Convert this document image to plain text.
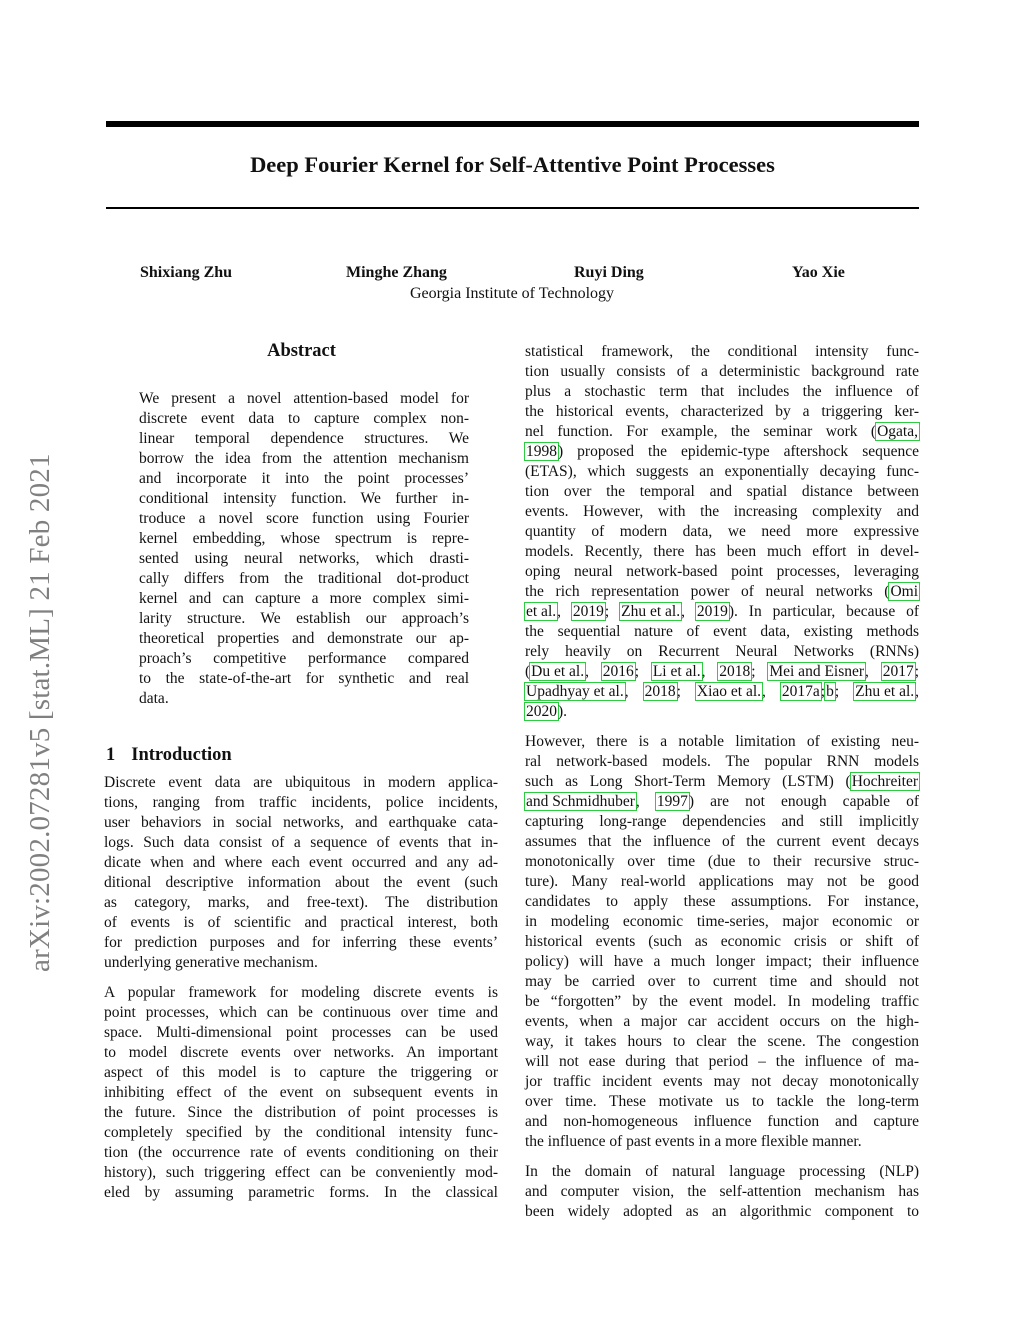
Deep Fourier Kernel for Self-Attentive Point Processes
Shixiang Zhu	Minghe Zhang	Ruyi Ding	Yao Xie
Georgia Institute of Technology
arXiv:2002.07281v5 [stat.ML] 21 Feb 2021
Abstract
We present a novel attention-based model for
discrete event data to capture complex non-
linear temporal dependence structures. We
borrow the idea from the attention mechanism
and incorporate it into the point processes’
conditional intensity function. We further in-
troduce a novel score function using Fourier
kernel embedding, whose spectrum is repre-
sented using neural networks, which drasti-
cally differs from the traditional dot-product
kernel and can capture a more complex simi-
larity structure. We establish our approach’s
theoretical properties and demonstrate our ap-
proach’s competitive performance compared
to the state-of-the-art for synthetic and real
data.
1 Introduction
Discrete event data are ubiquitous in modern applica-
tions, ranging from traffic incidents, police incidents,
user behaviors in social networks, and earthquake cata-
logs. Such data consist of a sequence of events that in-
dicate when and where each event occurred and any ad-
ditional descriptive information about the event (such
as category, marks, and free-text). The distribution
of events is of scientific and practical interest, both
for prediction purposes and for inferring these events’
underlying generative mechanism.
A popular framework for modeling discrete events is
point processes, which can be continuous over time and
space. Multi-dimensional point processes can be used
to model discrete events over networks. An important
aspect of this model is to capture the triggering or
inhibiting effect of the event on subsequent events in
the future. Since the distribution of point processes is
completely specified by the conditional intensity func-
tion (the occurrence rate of events conditioning on their
history), such triggering effect can be conveniently mod-
eled by assuming parametric forms. In the classical
statistical framework, the conditional intensity func-
tion usually consists of a deterministic background rate
plus a stochastic term that includes the influence of
the historical events, characterized by a triggering ker-
nel function. For example, the seminar work (Ogata,
1998) proposed the epidemic-type aftershock sequence
(ETAS), which suggests an exponentially decaying func-
tion over the temporal and spatial distance between
events. However, with the increasing complexity and
quantity of modern data, we need more expressive
models. Recently, there has been much effort in devel-
oping neural network-based point processes, leveraging
the rich representation power of neural networks (Omi
et al., 2019; Zhu et al., 2019). In particular, because of
the sequential nature of event data, existing methods
rely heavily on Recurrent Neural Networks (RNNs)
(Du et al., 2016; Li et al., 2018; Mei and Eisner, 2017;
Upadhyay et al., 2018; Xiao et al., 2017a;b; Zhu et al.,
2020).
However, there is a notable limitation of existing neu-
ral network-based models. The popular RNN models
such as Long Short-Term Memory (LSTM) (Hochreiter
and Schmidhuber, 1997) are not enough capable of
capturing long-range dependencies and still implicitly
assumes that the influence of the current event decays
monotonically over time (due to their recursive struc-
ture). Many real-world applications may not be good
candidates to apply these assumptions. For instance,
in modeling economic time-series, major economic or
historical events (such as economic crisis or shift of
policy) will have a much longer impact; their influence
may be carried over to current time and should not
be “forgotten” by the event model. In modeling traffic
events, when a major car accident occurs on the high-
way, it takes hours to clear the scene. The congestion
will not ease during that period – the influence of ma-
jor traffic incident events may not decay monotonically
over time. These motivate us to tackle the long-term
and non-homogeneous influence function and capture
the influence of past events in a more flexible manner.
In the domain of natural language processing (NLP)
and computer vision, the self-attention mechanism has
been widely adopted as an algorithmic component to
